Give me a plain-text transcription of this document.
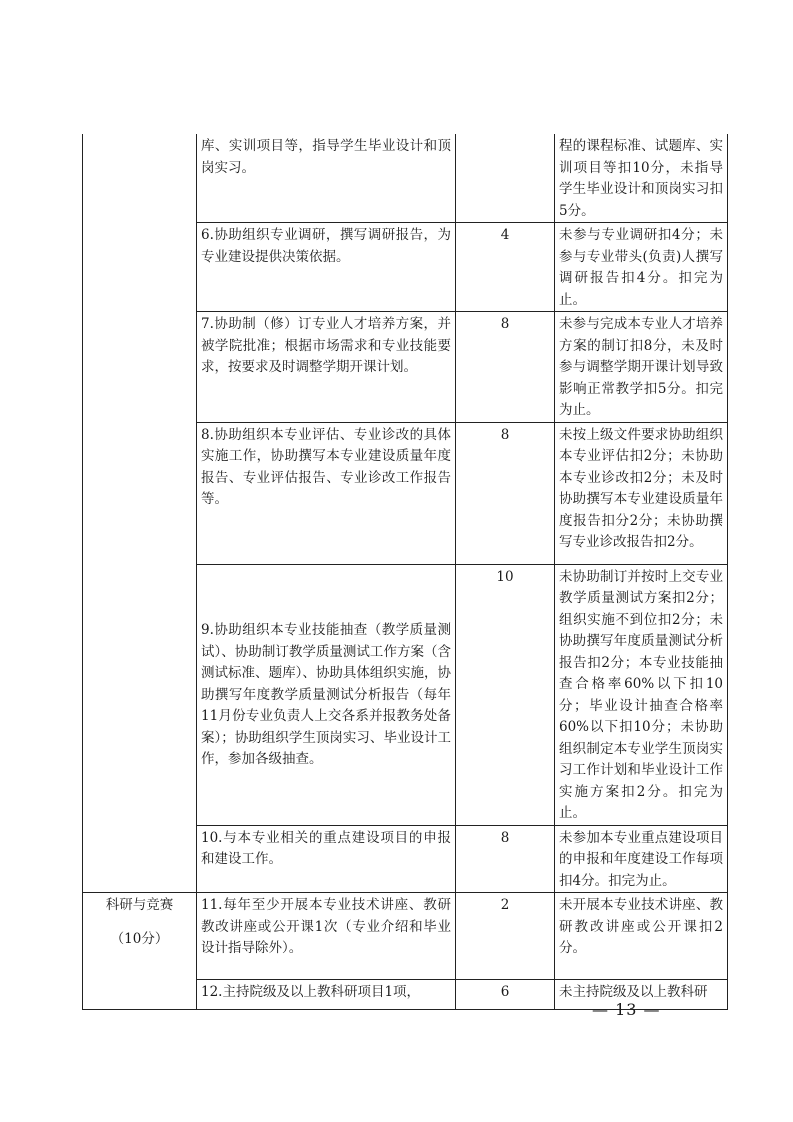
	库、实训项目等，指导学生毕业设计和顶岗实习。		程的课程标准、试题库、实训项目等扣10分，未指导学生毕业设计和顶岗实习扣5分。
	6.协助组织专业调研，撰写调研报告，为专业建设提供决策依据。	4	未参与专业调研扣4分；未参与专业带头(负责)人撰写调研报告扣4分。扣完为止。
	7.协助制（修）订专业人才培养方案，并被学院批准；根据市场需求和专业技能要求，按要求及时调整学期开课计划。	8	未参与完成本专业人才培养方案的制订扣8分，未及时参与调整学期开课计划导致影响正常教学扣5分。扣完为止。
	8.协助组织本专业评估、专业诊改的具体实施工作，协助撰写本专业建设质量年度报告、专业评估报告、专业诊改工作报告等。	8	未按上级文件要求协助组织本专业评估扣2分；未协助本专业诊改扣2分；未及时协助撰写本专业建设质量年度报告扣分2分；未协助撰写专业诊改报告扣2分。
	9.协助组织本专业技能抽查（教学质量测试）、协助制订教学质量测试工作方案（含测试标准、题库）、协助具体组织实施，协助撰写年度教学质量测试分析报告（每年11月份专业负责人上交各系并报教务处备案）；协助组织学生顶岗实习、毕业设计工作，参加各级抽查。	10	未协助制订并按时上交专业教学质量测试方案扣2分；组织实施不到位扣2分；未协助撰写年度质量测试分析报告扣2分；本专业技能抽查合格率60%以下扣10分；毕业设计抽查合格率60%以下扣10分；未协助组织制定本专业学生顶岗实习工作计划和毕业设计工作实施方案扣2分。扣完为止。
	10.与本专业相关的重点建设项目的申报和建设工作。	8	未参加本专业重点建设项目的申报和年度建设工作每项扣4分。扣完为止。

科研与竞赛
（10分）	11.每年至少开展本专业技术讲座、教研教改讲座或公开课1次（专业介绍和毕业设计指导除外）。	2	未开展本专业技术讲座、教研教改讲座或公开课扣2分。
	12.主持院级及以上教科研项目1项，	6	未主持院级及以上教科研
— 13 —
